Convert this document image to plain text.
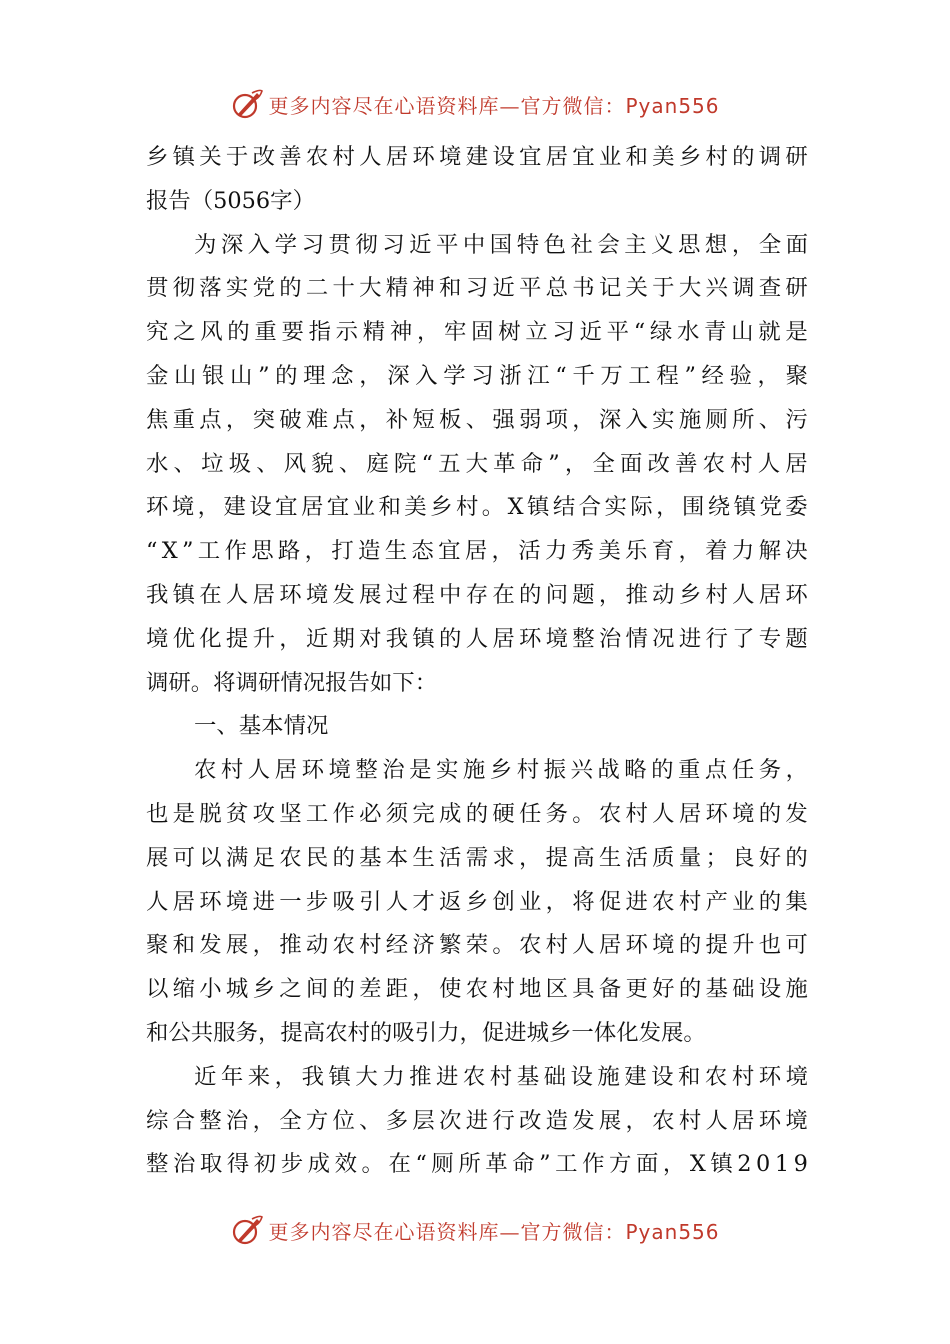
更多内容尽在心语资料库—官方微信：Pyan556
乡 镇 关 于 改 善 农 村 人 居 环 境 建 设 宜 居 宜 业 和 美 乡 村 的 调 研
报 告 （ 5 0 5 6 字 ）
为 深 入 学 习 贯 彻 习 近 平 中 国 特 色 社 会 主 义 思 想 ， 全 面
贯 彻 落 实 党 的 二 十 大 精 神 和 习 近 平 总 书 记 关 于 大 兴 调 查 研
究 之 风 的 重 要 指 示 精 神 ， 牢 固 树 立 习 近 平 “ 绿 水 青 山 就 是
金 山 银 山 ” 的 理 念 ， 深 入 学 习 浙 江 “ 千 万 工 程 ” 经 验 ， 聚
焦 重 点 ， 突 破 难 点 ， 补 短 板 、 强 弱 项 ， 深 入 实 施 厕 所 、 污
水 、 垃 圾 、 风 貌 、 庭 院 “ 五 大 革 命 ” ， 全 面 改 善 农 村 人 居
环 境 ， 建 设 宜 居 宜 业 和 美 乡 村 。 X 镇 结 合 实 际 ， 围 绕 镇 党 委
“ X ” 工 作 思 路 ， 打 造 生 态 宜 居 ， 活 力 秀 美 乐 育 ， 着 力 解 决
我 镇 在 人 居 环 境 发 展 过 程 中 存 在 的 问 题 ， 推 动 乡 村 人 居 环
境 优 化 提 升 ， 近 期 对 我 镇 的 人 居 环 境 整 治 情 况 进 行 了 专 题
调 研 。 将 调 研 情 况 报 告 如 下 ：
一 、 基 本 情 况
农 村 人 居 环 境 整 治 是 实 施 乡 村 振 兴 战 略 的 重 点 任 务 ，
也 是 脱 贫 攻 坚 工 作 必 须 完 成 的 硬 任 务 。 农 村 人 居 环 境 的 发
展 可 以 满 足 农 民 的 基 本 生 活 需 求 ， 提 高 生 活 质 量 ； 良 好 的
人 居 环 境 进 一 步 吸 引 人 才 返 乡 创 业 ， 将 促 进 农 村 产 业 的 集
聚 和 发 展 ， 推 动 农 村 经 济 繁 荣 。 农 村 人 居 环 境 的 提 升 也 可
以 缩 小 城 乡 之 间 的 差 距 ， 使 农 村 地 区 具 备 更 好 的 基 础 设 施
和 公 共 服 务 ， 提 高 农 村 的 吸 引 力 ， 促 进 城 乡 一 体 化 发 展 。
近 年 来 ， 我 镇 大 力 推 进 农 村 基 础 设 施 建 设 和 农 村 环 境
综 合 整 治 ， 全 方 位 、 多 层 次 进 行 改 造 发 展 ， 农 村 人 居 环 境
整 治 取 得 初 步 成 效 。 在 “ 厕 所 革 命 ” 工 作 方 面 ， X 镇 2 0 1 9
更多内容尽在心语资料库—官方微信：Pyan556
